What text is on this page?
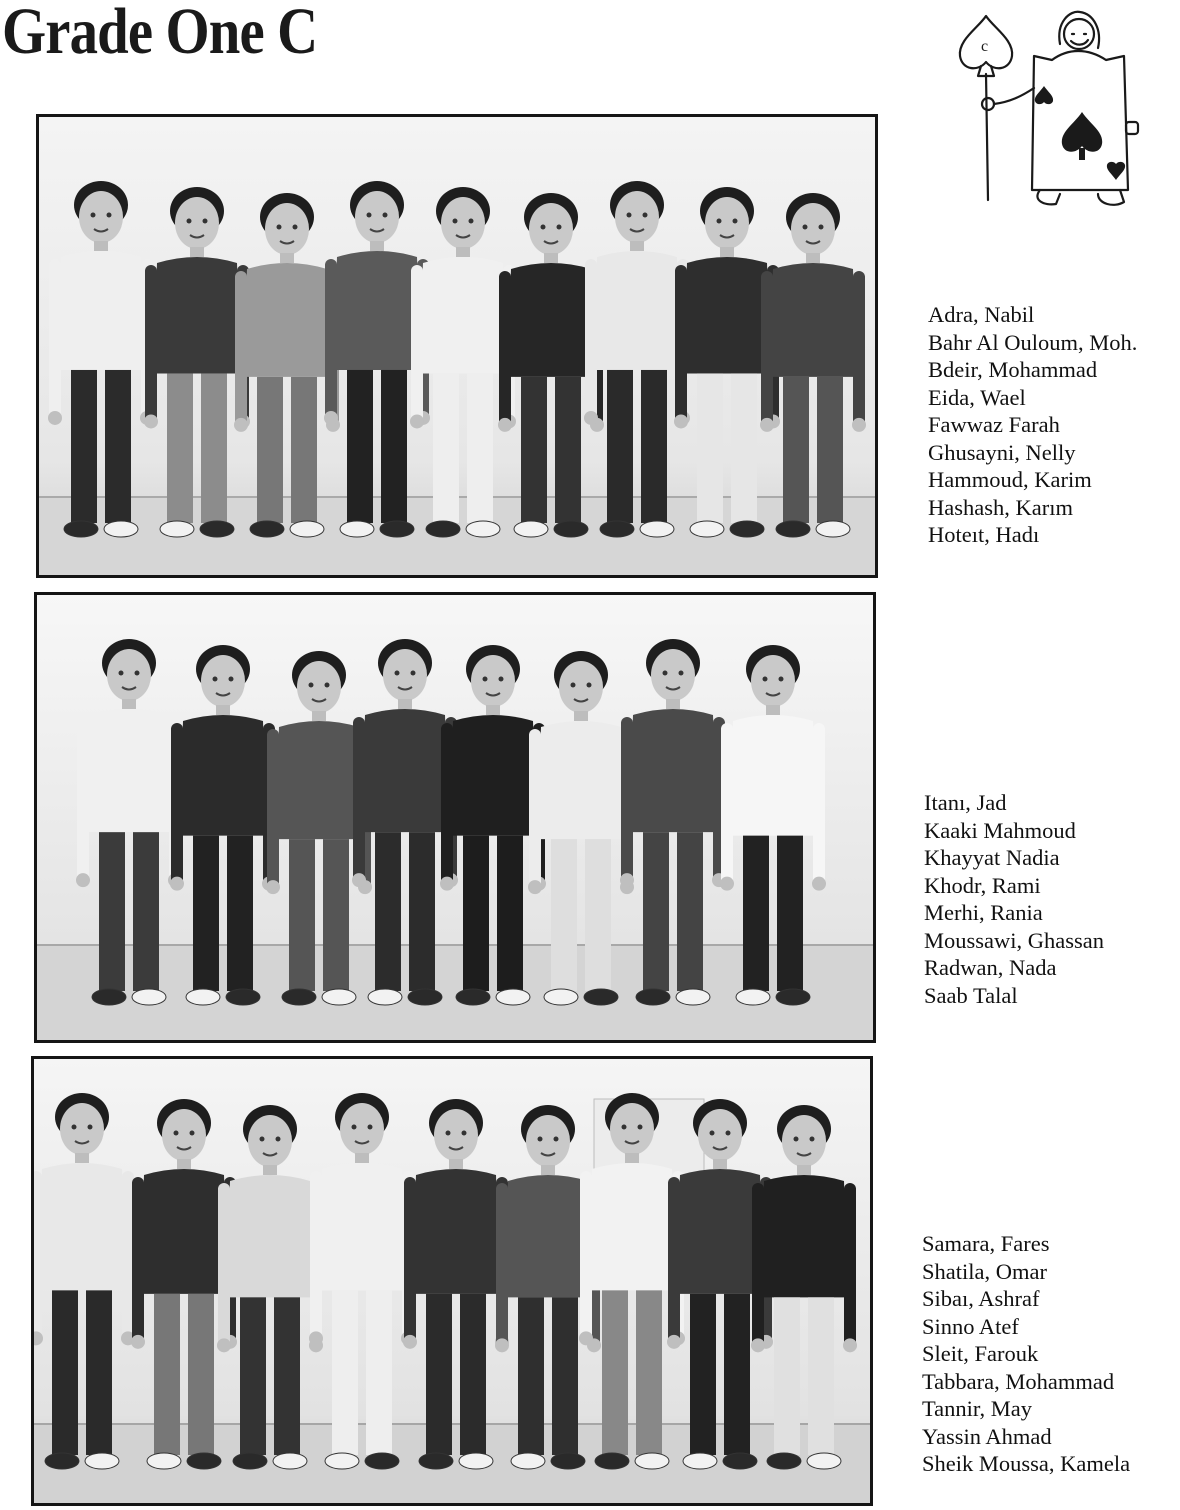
Grade One C	c
Adra, Nabil
Bahr Al Ouloum, Moh.
Bdeir, Mohammad
Eida, Wael
Fawwaz Farah
Ghusayni, Nelly
Hammoud, Karim
Hashash, Karım
Hoteıt, Hadı
Itanı, Jad
Kaaki Mahmoud
Khayyat Nadia
Khodr, Rami
Merhi, Rania
Moussawi, Ghassan
Radwan, Nada
Saab Talal
Samara, Fares
Shatila, Omar
Sibaı, Ashraf
Sinno Atef
Sleit, Farouk
Tabbara, Mohammad
Tannir, May
Yassin Ahmad
Sheik Moussa, Kamela
